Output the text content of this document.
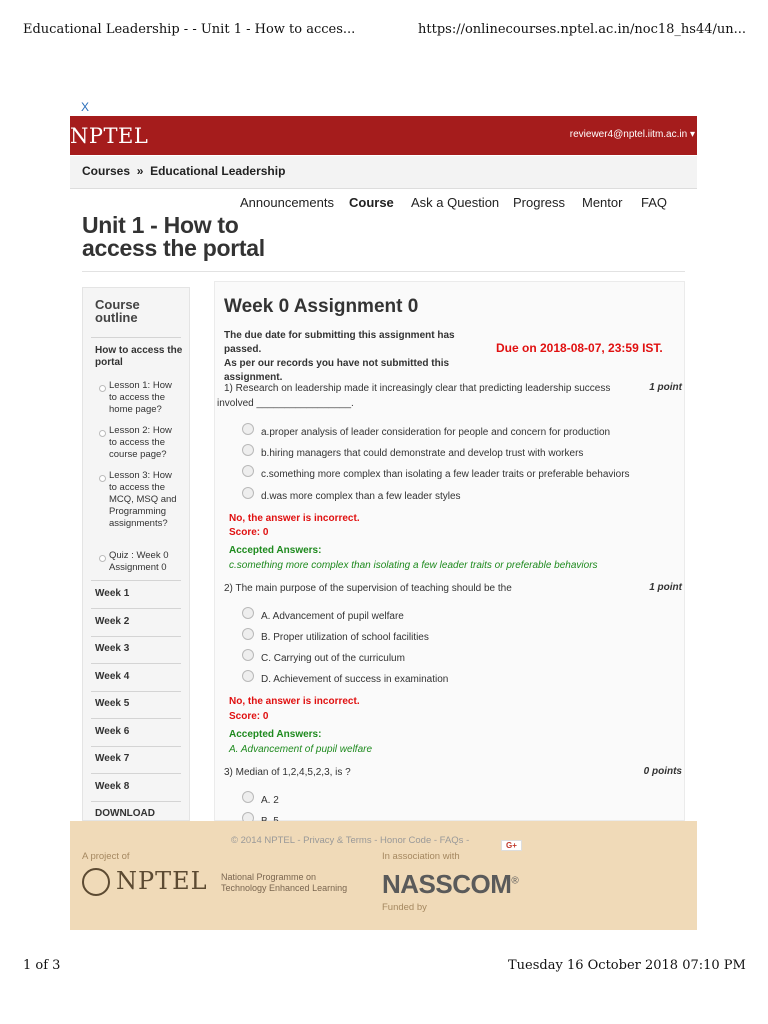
Educational Leadership - - Unit 1 - How to acces...	https://onlinecourses.nptel.ac.in/noc18_hs44/un...
X
NPTEL	reviewer4@nptel.iitm.ac.in ▾
Courses » Educational Leadership
Announcements Course Ask a Question Progress Mentor FAQ
Unit 1 - How to
access the portal
Course
outline
How to access the portal
Lesson 1: How to access the home page?
Lesson 2: How to access the course page?
Lesson 3: How to access the MCQ, MSQ and Programming assignments?
Quiz : Week 0 Assignment 0
Week 1
Week 2
Week 3
Week 4
Week 5
Week 6
Week 7
Week 8
DOWNLOAD
Week 0 Assignment 0
The due date for submitting this assignment has passed.
As per our records you have not submitted this assignment.
Due on 2018-08-07, 23:59 IST.
1) Research on leadership made it increasingly clear that predicting leadership success involved _________________.
1 point
a.proper analysis of leader consideration for people and concern for production
b.hiring managers that could demonstrate and develop trust with workers
c.something more complex than isolating a few leader traits or preferable behaviors
d.was more complex than a few leader styles
No, the answer is incorrect.
Score: 0
Accepted Answers:
c.something more complex than isolating a few leader traits or preferable behaviors
2) The main purpose of the supervision of teaching should be the	1 point
A. Advancement of pupil welfare
B. Proper utilization of school facilities
C. Carrying out of the curriculum
D. Achievement of success in examination
No, the answer is incorrect.
Score: 0
Accepted Answers:
A. Advancement of pupil welfare
3) Median of 1,2,4,5,2,3, is ?	0 points
A. 2
© 2014 NPTEL - Privacy & Terms - Honor Code - FAQs -	G+
A project of
NPTEL National Programme on
Technology Enhanced Learning
In association with
NASSCOM®
Funded by
1 of 3	Tuesday 16 October 2018 07:10 PM
